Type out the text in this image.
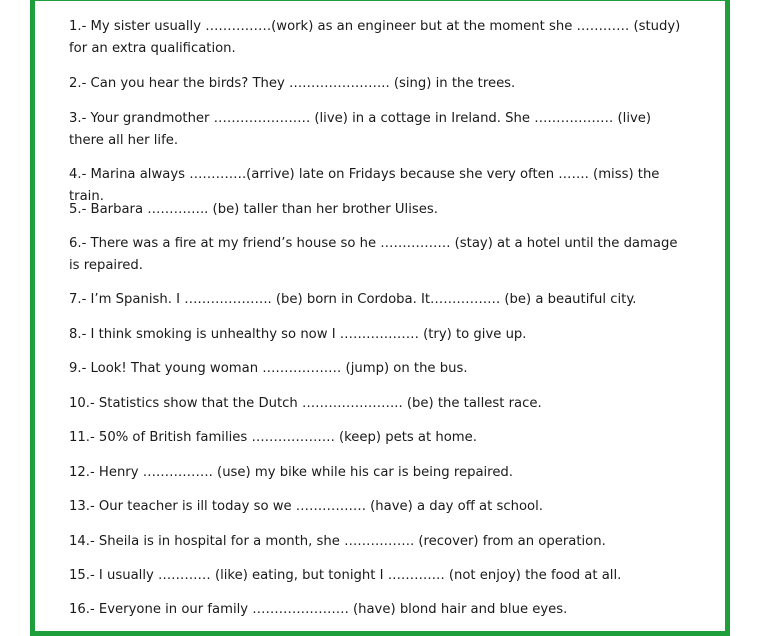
1.- My sister usually ……………(work) as an engineer but at the moment she ………… (study) for an extra qualification.
2.- Can you hear the birds? They ………………….. (sing) in the trees.
3.- Your grandmother …………………. (live) in a cottage in Ireland. She ……………… (live) there all her life.
4.- Marina always ………….(arrive) late on Fridays because she very often ……. (miss) the train.
5.- Barbara ………….. (be) taller than her brother Ulises.
6.- There was a fire at my friend’s house so he ……………. (stay) at a hotel until the damage is repaired.
7.- I’m Spanish. I ……………….. (be) born in Cordoba. It……………. (be) a beautiful city.
8.- I think smoking is unhealthy so now I ……………… (try) to give up.
9.- Look! That young woman ……………… (jump) on the bus.
10.- Statistics show that the Dutch ………………….. (be) the tallest race.
11.- 50% of British families ………………. (keep) pets at home.
12.- Henry ……………. (use) my bike while his car is being repaired.
13.- Our teacher is ill today so we ……………. (have) a day off at school.
14.- Sheila is in hospital for a month, she ……………. (recover) from an operation.
15.- I usually ………… (like) eating, but tonight I …………. (not enjoy) the food at all.
16.- Everyone in our family …………………. (have) blond hair and blue eyes.
